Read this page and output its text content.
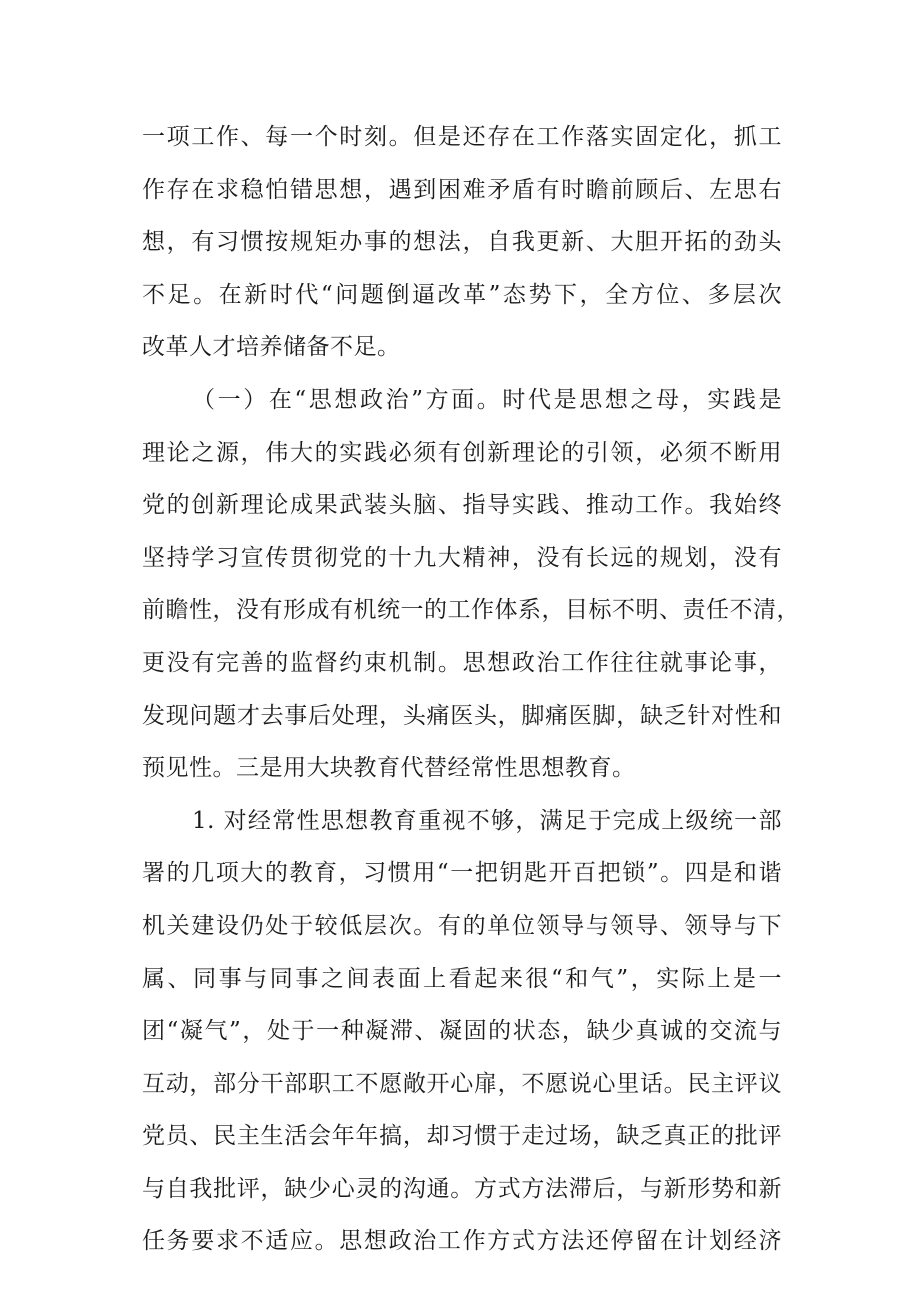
一项工作、每一个时刻。但是还存在工作落实固定化，抓工
作存在求稳怕错思想，遇到困难矛盾有时瞻前顾后、左思右
想，有习惯按规矩办事的想法，自我更新、大胆开拓的劲头
不足。在新时代“问题倒逼改革”态势下，全方位、多层次
改革人才培养储备不足。
（一）在“思想政治”方面。时代是思想之母，实践是
理论之源，伟大的实践必须有创新理论的引领，必须不断用
党的创新理论成果武装头脑、指导实践、推动工作。我始终
坚持学习宣传贯彻党的十九大精神，没有长远的规划，没有
前瞻性，没有形成有机统一的工作体系，目标不明、责任不清，
更没有完善的监督约束机制。思想政治工作往往就事论事，
发现问题才去事后处理，头痛医头，脚痛医脚，缺乏针对性和
预见性。三是用大块教育代替经常性思想教育。
1. 对经常性思想教育重视不够，满足于完成上级统一部
署的几项大的教育，习惯用“一把钥匙开百把锁”。四是和谐
机关建设仍处于较低层次。有的单位领导与领导、领导与下
属、同事与同事之间表面上看起来很“和气”，实际上是一
团“凝气”，处于一种凝滞、凝固的状态，缺少真诚的交流与
互动，部分干部职工不愿敞开心扉，不愿说心里话。民主评议
党员、民主生活会年年搞，却习惯于走过场，缺乏真正的批评
与自我批评，缺少心灵的沟通。方式方法滞后，与新形势和新
任务要求不适应。思想政治工作方式方法还停留在计划经济
